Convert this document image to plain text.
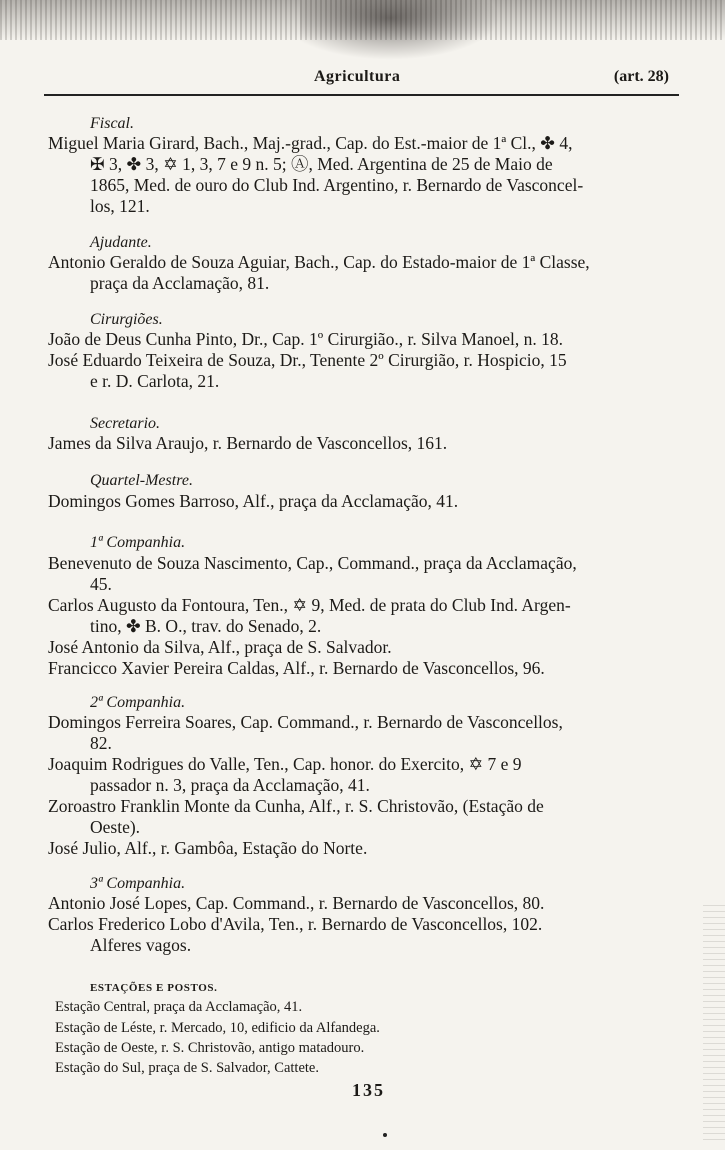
Agricultura	(art. 28)
Fiscal.
Miguel Maria Girard, Bach., Maj.-grad., Cap. do Est.-maior de 1ª Cl., ✤ 4,
✠ 3, ✤ 3, ✡ 1, 3, 7 e 9 n. 5; Ⓐ, Med. Argentina de 25 de Maio de
1865, Med. de ouro do Club Ind. Argentino, r. Bernardo de Vasconcel-
los, 121.
Ajudante.
Antonio Geraldo de Souza Aguiar, Bach., Cap. do Estado-maior de 1ª Classe,
praça da Acclamação, 81.
Cirurgiões.
João de Deus Cunha Pinto, Dr., Cap. 1º Cirurgião., r. Silva Manoel, n. 18.
José Eduardo Teixeira de Souza, Dr., Tenente 2º Cirurgião, r. Hospicio, 15
e r. D. Carlota, 21.
Secretario.
James da Silva Araujo, r. Bernardo de Vasconcellos, 161.
Quartel-Mestre.
Domingos Gomes Barroso, Alf., praça da Acclamação, 41.
1ª Companhia.
Benevenuto de Souza Nascimento, Cap., Command., praça da Acclamação,
45.
Carlos Augusto da Fontoura, Ten., ✡ 9, Med. de prata do Club Ind. Argen-
tino, ✤ B. O., trav. do Senado, 2.
José Antonio da Silva, Alf., praça de S. Salvador.
Francicco Xavier Pereira Caldas, Alf., r. Bernardo de Vasconcellos, 96.
2ª Companhia.
Domingos Ferreira Soares, Cap. Command., r. Bernardo de Vasconcellos,
82.
Joaquim Rodrigues do Valle, Ten., Cap. honor. do Exercito, ✡ 7 e 9
passador n. 3, praça da Acclamação, 41.
Zoroastro Franklin Monte da Cunha, Alf., r. S. Christovão, (Estação de
Oeste).
José Julio, Alf., r. Gambôa, Estação do Norte.
3ª Companhia.
Antonio José Lopes, Cap. Command., r. Bernardo de Vasconcellos, 80.
Carlos Frederico Lobo d'Avila, Ten., r. Bernardo de Vasconcellos, 102.
Alferes vagos.
ESTAÇÕES E POSTOS.
Estação Central, praça da Acclamação, 41.
Estação de Léste, r. Mercado, 10, edificio da Alfandega.
Estação de Oeste, r. S. Christovão, antigo matadouro.
Estação do Sul, praça de S. Salvador, Cattete.
135
